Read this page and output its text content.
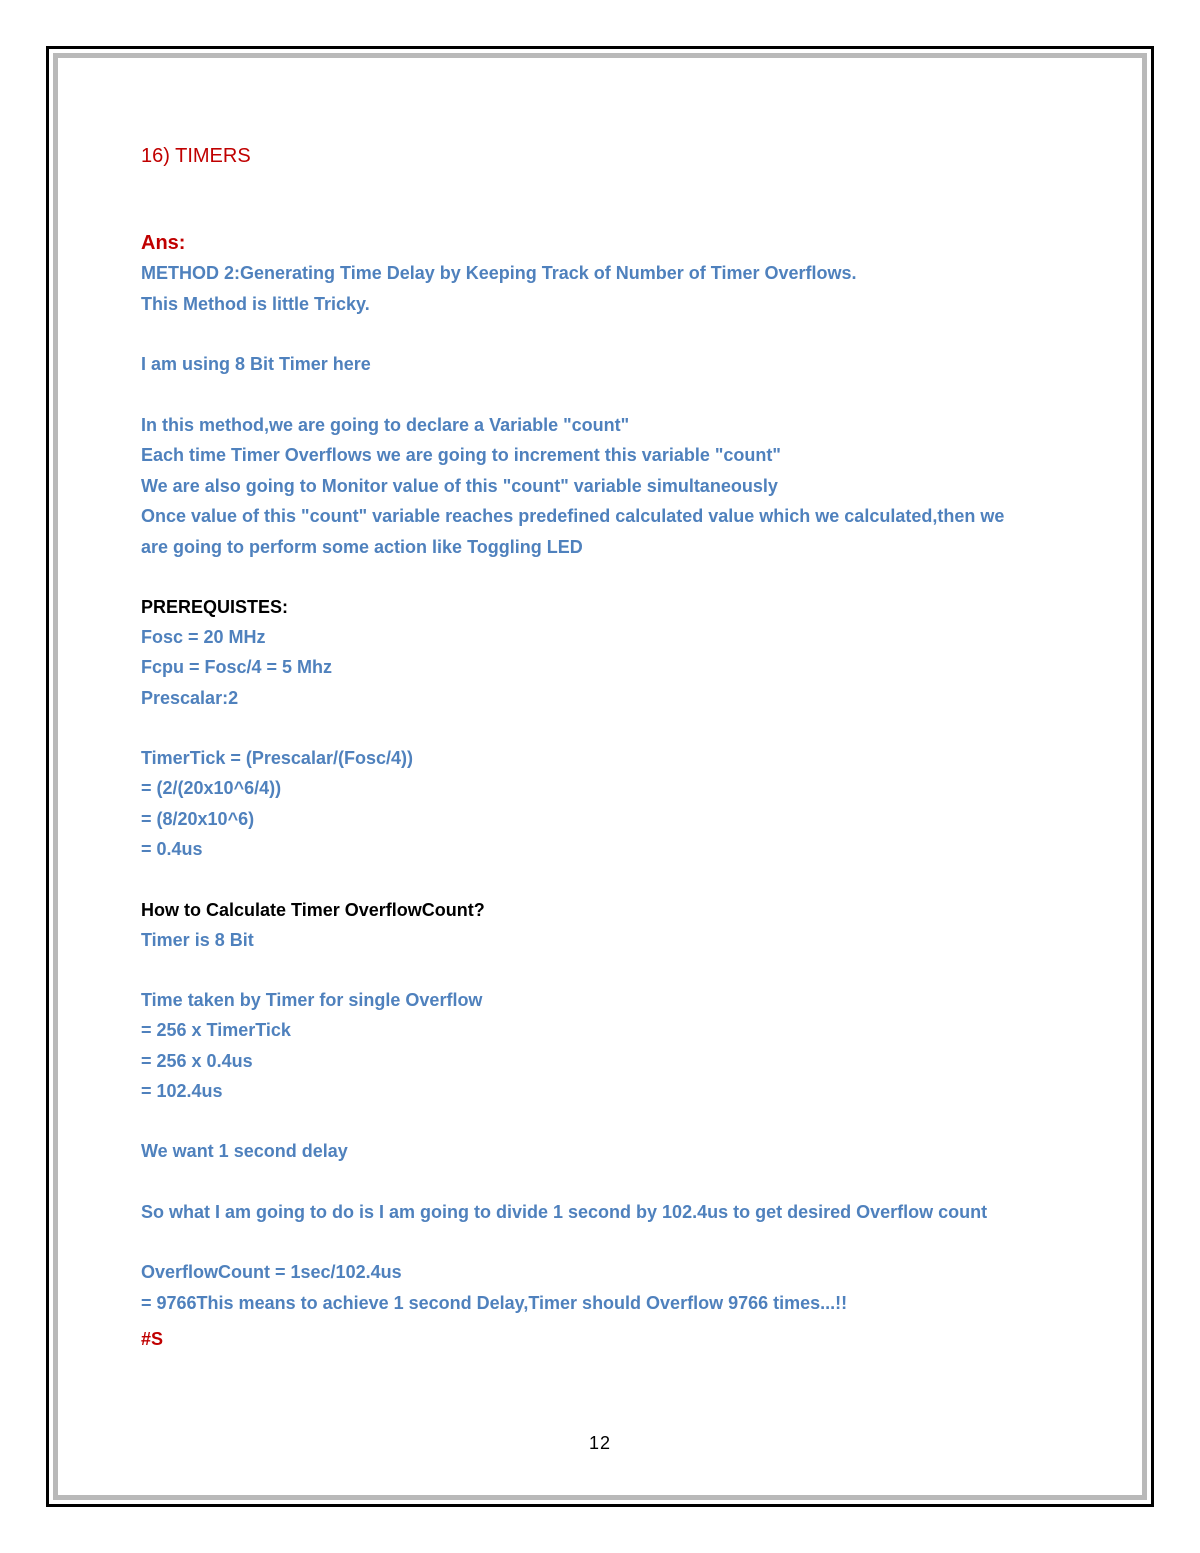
16) TIMERS
Ans:
METHOD 2:Generating Time Delay by Keeping Track of Number of Timer Overflows.
This Method is little Tricky.
I am using 8 Bit Timer here
In this method,we are going to declare a Variable "count"
Each time Timer Overflows we are going to increment this variable "count"
We are also going to Monitor value of this "count" variable simultaneously
Once value of this "count" variable reaches predefined calculated value which we calculated,then we
are going to perform some action like Toggling LED
PREREQUISTES:
Fosc = 20 MHz
Fcpu = Fosc/4 = 5 Mhz
Prescalar:2
TimerTick = (Prescalar/(Fosc/4))
= (2/(20x10^6/4))
= (8/20x10^6)
= 0.4us
How to Calculate Timer OverflowCount?
Timer is 8 Bit
Time taken by Timer for single Overflow
= 256 x TimerTick
= 256 x 0.4us
= 102.4us
We want 1 second delay
So what I am going to do is I am going to divide 1 second by 102.4us to get desired Overflow count
OverflowCount = 1sec/102.4us
= 9766This means to achieve 1 second Delay,Timer should Overflow 9766 times...!!
#S
12
